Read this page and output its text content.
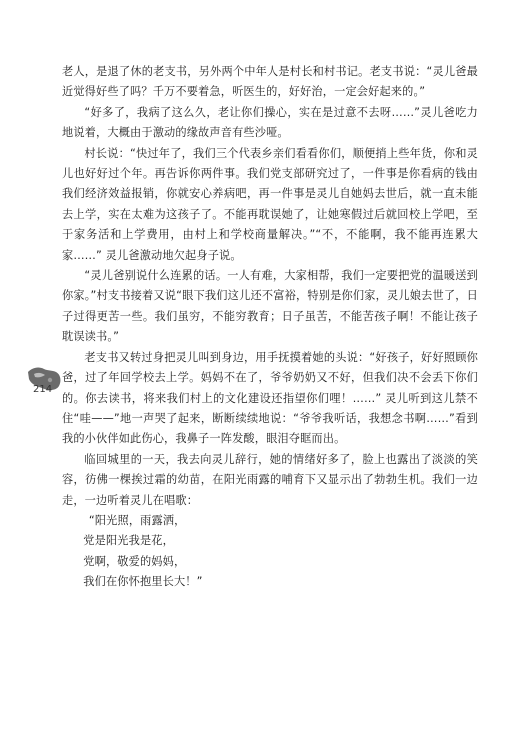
老人，是退了休的老支书，另外两个中年人是村长和村书记。老支书说：“灵儿爸最近觉得好些了吗？千万不要着急，听医生的，好好治，一定会好起来的。”

“好多了，我病了这么久，老让你们操心，实在是过意不去呀……”灵儿爸吃力地说着，大概由于激动的缘故声音有些沙哑。

村长说：“快过年了，我们三个代表乡亲们看看你们，顺便捎上些年货，你和灵儿也好好过个年。再告诉你两件事。我们党支部研究过了，一件事是你看病的钱由我们经济效益报销，你就安心养病吧，再一件事是灵儿自她妈去世后，就一直未能去上学，实在太难为这孩子了。不能再耽误她了，让她寒假过后就回校上学吧，至于家务活和上学费用，由村上和学校商量解决。”“不，不能啊，我不能再连累大家……” 灵儿爸激动地欠起身子说。

“灵儿爸别说什么连累的话。一人有难，大家相帮，我们一定要把党的温暖送到你家。”村支书接着又说“眼下我们这儿还不富裕，特别是你们家，灵儿娘去世了，日子过得更苦一些。我们虽穷，不能穷教育；日子虽苦，不能苦孩子啊！不能让孩子耽误读书。”

老支书又转过身把灵儿叫到身边，用手抚摸着她的头说：“好孩子，好好照顾你爸，过了年回学校去上学。妈妈不在了，爷爷奶奶又不好，但我们决不会丢下你们的。你去读书，将来我们村上的文化建设还指望你们哩！……” 灵儿听到这儿禁不住“哇——”地一声哭了起来，断断续续地说：“爷爷我听话，我想念书啊……”看到我的小伙伴如此伤心，我鼻子一阵发酸，眼泪夺眶而出。

临回城里的一天，我去向灵儿辞行，她的情绪好多了，脸上也露出了淡淡的笑容，彷佛一棵挨过霜的幼苗，在阳光雨露的哺育下又显示出了勃勃生机。我们一边走，一边听着灵儿在唱歌：

“阳光照，雨露洒，
党是阳光我是花，
党啊，敬爱的妈妈，
我们在你怀抱里长大！”
214
